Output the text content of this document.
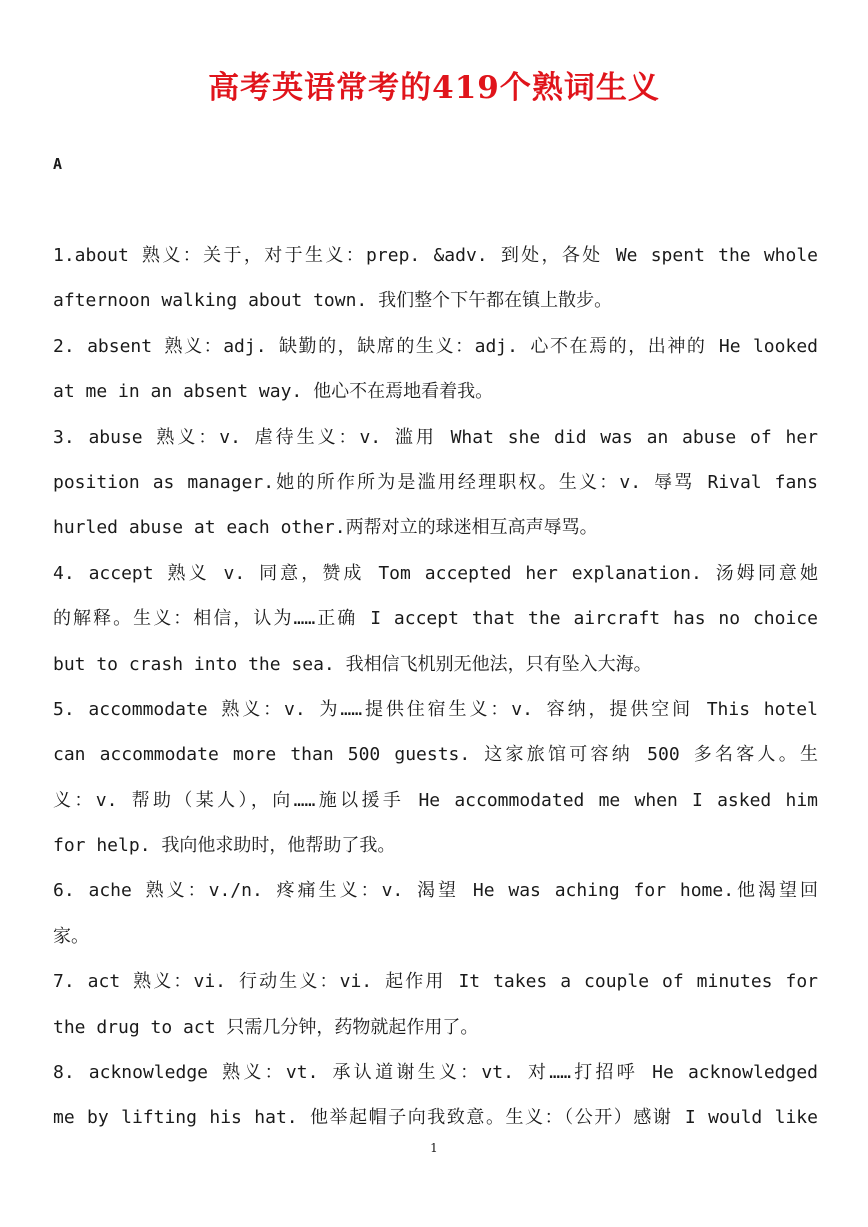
高考英语常考的419个熟词生义
A
1.about 熟义：关于，对于生义：prep. &adv. 到处，各处 We spent the whole
afternoon walking about town. 我们整个下午都在镇上散步。
2. absent 熟义：adj. 缺勤的，缺席的生义：adj. 心不在焉的，出神的 He looked
at me in an absent way. 他心不在焉地看着我。
3. abuse 熟义：v. 虐待生义：v. 滥用 What she did was an abuse of her
position as manager.她的所作所为是滥用经理职权。生义：v. 辱骂 Rival fans
hurled abuse at each other.两帮对立的球迷相互高声辱骂。
4. accept 熟义 v. 同意，赞成 Tom accepted her explanation. 汤姆同意她
的解释。生义：相信，认为……正确 I accept that the aircraft has no choice
but to crash into the sea. 我相信飞机别无他法，只有坠入大海。
5. accommodate 熟义：v. 为……提供住宿生义：v. 容纳，提供空间 This hotel
can accommodate more than 500 guests. 这家旅馆可容纳 500 多名客人。生
义：v. 帮助（某人），向……施以援手 He accommodated me when I asked him
for help. 我向他求助时，他帮助了我。
6. ache 熟义：v./n. 疼痛生义：v. 渴望 He was aching for home.他渴望回
家。
7. act 熟义：vi. 行动生义：vi. 起作用 It takes a couple of minutes for
the drug to act 只需几分钟，药物就起作用了。
8. acknowledge 熟义：vt. 承认道谢生义：vt. 对……打招呼 He acknowledged
me by lifting his hat. 他举起帽子向我致意。生义：（公开）感谢 I would like
1
